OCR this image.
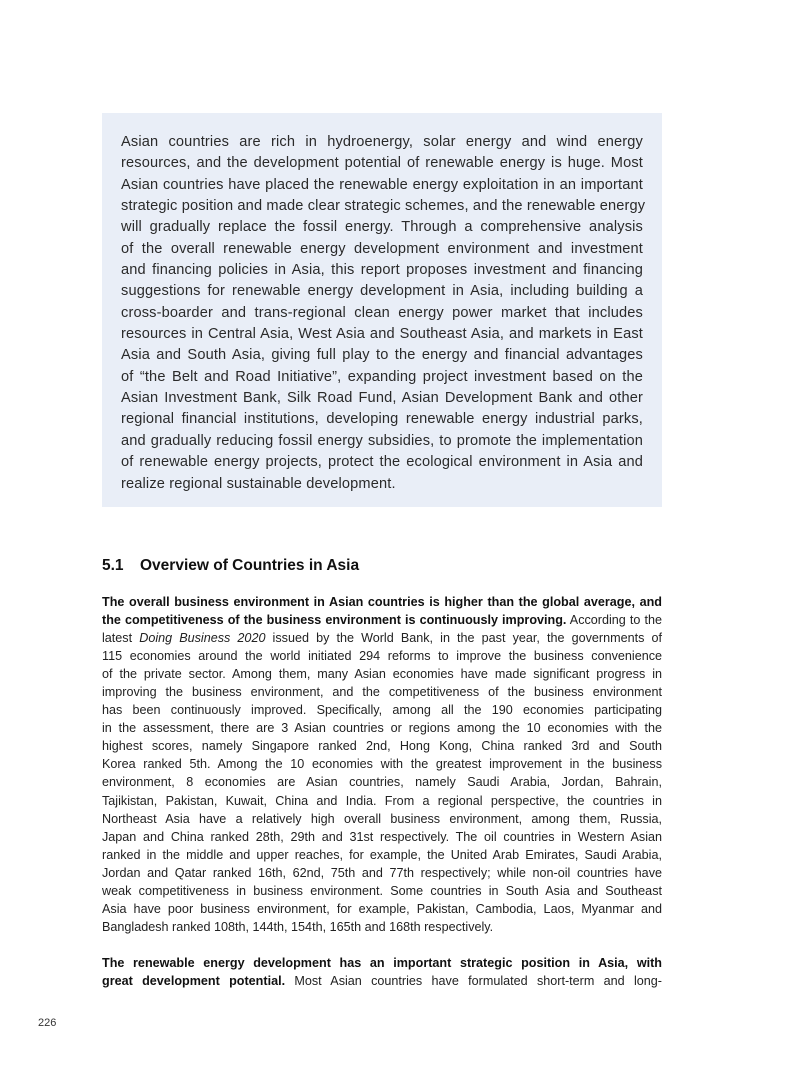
Asian countries are rich in hydroenergy, solar energy and wind energy
resources, and the development potential of renewable energy is huge. Most
Asian countries have placed the renewable energy exploitation in an important
strategic position and made clear strategic schemes, and the renewable energy
will gradually replace the fossil energy. Through a comprehensive analysis
of the overall renewable energy development environment and investment
and financing policies in Asia, this report proposes investment and financing
suggestions for renewable energy development in Asia, including building a
cross-boarder and trans-regional clean energy power market that includes
resources in Central Asia, West Asia and Southeast Asia, and markets in East
Asia and South Asia, giving full play to the energy and financial advantages
of “the Belt and Road Initiative”, expanding project investment based on the
Asian Investment Bank, Silk Road Fund, Asian Development Bank and other
regional financial institutions, developing renewable energy industrial parks,
and gradually reducing fossil energy subsidies, to promote the implementation
of renewable energy projects, protect the ecological environment in Asia and
realize regional sustainable development.
5.1 Overview of Countries in Asia
The overall business environment in Asian countries is higher than the global average, and
the competitiveness of the business environment is continuously improving. According to the
latest Doing Business 2020 issued by the World Bank, in the past year, the governments of
115 economies around the world initiated 294 reforms to improve the business convenience
of the private sector. Among them, many Asian economies have made significant progress in
improving the business environment, and the competitiveness of the business environment
has been continuously improved. Specifically, among all the 190 economies participating
in the assessment, there are 3 Asian countries or regions among the 10 economies with the
highest scores, namely Singapore ranked 2nd, Hong Kong, China ranked 3rd and South
Korea ranked 5th. Among the 10 economies with the greatest improvement in the business
environment, 8 economies are Asian countries, namely Saudi Arabia, Jordan, Bahrain,
Tajikistan, Pakistan, Kuwait, China and India. From a regional perspective, the countries in
Northeast Asia have a relatively high overall business environment, among them, Russia,
Japan and China ranked 28th, 29th and 31st respectively. The oil countries in Western Asian
ranked in the middle and upper reaches, for example, the United Arab Emirates, Saudi Arabia,
Jordan and Qatar ranked 16th, 62nd, 75th and 77th respectively; while non-oil countries have
weak competitiveness in business environment. Some countries in South Asia and Southeast
Asia have poor business environment, for example, Pakistan, Cambodia, Laos, Myanmar and
Bangladesh ranked 108th, 144th, 154th, 165th and 168th respectively.
The renewable energy development has an important strategic position in Asia, with
great development potential. Most Asian countries have formulated short-term and long-
226
